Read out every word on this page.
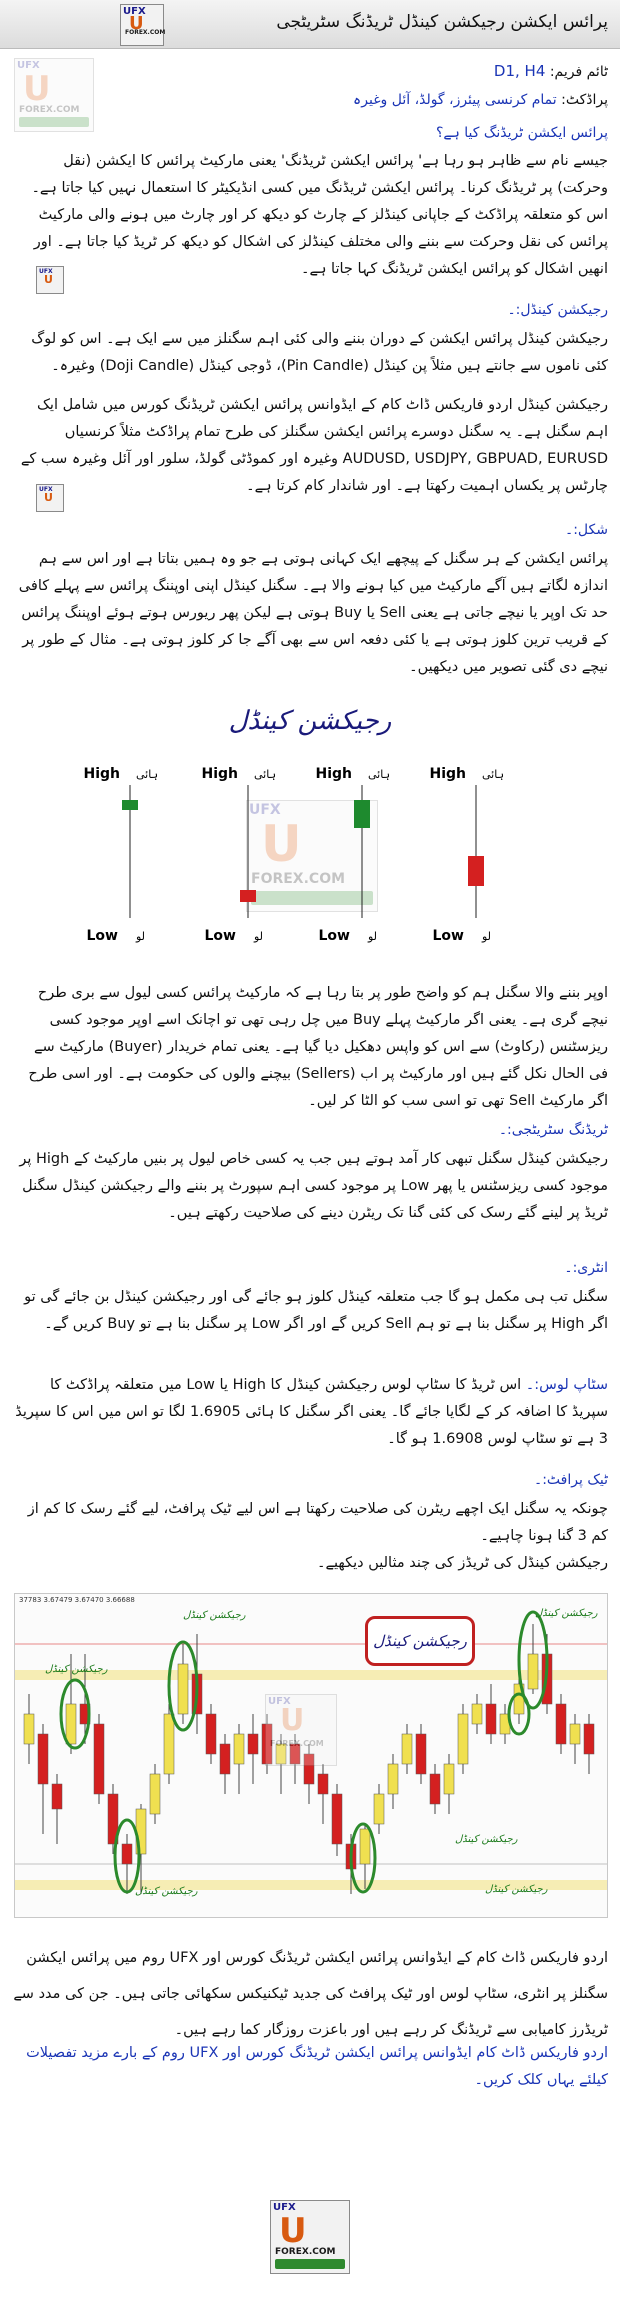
UFX
U
FOREX.COM
پرائس ایکشن رجیکشن کینڈل ٹریڈنگ سٹریٹجی
UFX
U
FOREX.COM
ٹائم فریم: D1, H4
پراڈکٹ: تمام کرنسی پیئرز، گولڈ، آئل وغیرہ
پرائس ایکشن ٹریڈنگ کیا ہے؟
جیسے نام سے ظاہر ہو رہا ہے' پرائس ایکشن ٹریڈنگ' یعنی مارکیٹ پرائس کا ایکشن (نقل وحرکت) پر ٹریڈنگ کرنا۔ پرائس ایکشن ٹریڈنگ میں کسی انڈیکیٹر کا استعمال نہیں کیا جاتا ہے۔ اس کو متعلقہ پراڈکٹ کے جاپانی کینڈلز کے چارٹ کو دیکھ کر اور چارٹ میں ہونے والی مارکیٹ پرائس کی نقل وحرکت سے بننے والی مختلف کینڈلز کی اشکال کو دیکھ کر ٹریڈ کیا جاتا ہے۔ اور انھیں اشکال کو پرائس ایکشن ٹریڈنگ کہا جاتا ہے۔
UFX
U
رجیکشن کینڈل:۔
رجیکشن کینڈل پرائس ایکشن کے دوران بننے والی کئی اہم سگنلز میں سے ایک ہے۔ اس کو لوگ کئی ناموں سے جانتے ہیں مثلاً پن کینڈل (Pin Candle)، ڈوجی کینڈل (Doji Candle) وغیرہ۔
رجیکشن کینڈل اردو فاریکس ڈاٹ کام کے ایڈوانس پرائس ایکشن ٹریڈنگ کورس میں شامل ایک اہم سگنل ہے۔ یہ سگنل دوسرے پرائس ایکشن سگنلز کی طرح تمام پراڈکٹ مثلاً کرنسیاں AUDUSD, USDJPY, GBPUAD, EURUSD وغیرہ اور کموڈٹی گولڈ، سلور اور آئل وغیرہ سب کے چارٹس پر یکساں اہمیت رکھتا ہے۔ اور شاندار کام کرتا ہے۔
UFX
U
شکل:۔
پرائس ایکشن کے ہر سگنل کے پیچھے ایک کہانی ہوتی ہے جو وہ ہمیں بتاتا ہے اور اس سے ہم اندازہ لگاتے ہیں آگے مارکیٹ میں کیا ہونے والا ہے۔ سگنل کینڈل اپنی اوپننگ پرائس سے پہلے کافی حد تک اوپر یا نیچے جاتی ہے یعنی Sell یا Buy ہوتی ہے لیکن پھر ریورس ہوتے ہوئے اوپننگ پرائس کے قریب ترین کلوز ہوتی ہے یا کئی دفعہ اس سے بھی آگے جا کر کلوز ہوتی ہے۔ مثال کے طور پر نیچے دی گئی تصویر میں دیکھیں۔
رجیکشن کینڈل
UFX
U
FOREX.COM
High ہائی
Low لو
High ہائی
Low لو
High ہائی
Low لو
High ہائی
Low لو
اوپر بننے والا سگنل ہم کو واضح طور پر بتا رہا ہے کہ مارکیٹ پرائس کسی لیول سے بری طرح نیچے گری ہے۔ یعنی اگر مارکیٹ پہلے Buy میں چل رہی تھی تو اچانک اسے اوپر موجود کسی ریزسٹنس (رکاوٹ) سے اس کو واپس دھکیل دیا گیا ہے۔ یعنی تمام خریدار (Buyer) مارکیٹ سے فی الحال نکل گئے ہیں اور مارکیٹ پر اب (Sellers) بیچنے والوں کی حکومت ہے۔ اور اسی طرح اگر مارکیٹ Sell تھی تو اسی سب کو الٹا کر لیں۔
ٹریڈنگ سٹریٹجی:۔
رجیکشن کینڈل سگنل تبھی کار آمد ہوتے ہیں جب یہ کسی خاص لیول پر بنیں مارکیٹ کے High پر موجود کسی ریزسٹنس یا پھر Low پر موجود کسی اہم سپورٹ پر بننے والے رجیکشن کینڈل سگنل ٹریڈ پر لینے گئے رسک کی کئی گنا تک ریٹرن دینے کی صلاحیت رکھتے ہیں۔
انٹری:۔
سگنل تب ہی مکمل ہو گا جب متعلقہ کینڈل کلوز ہو جائے گی اور رجیکشن کینڈل بن جائے گی تو اگر High پر سگنل بنا ہے تو ہم Sell کریں گے اور اگر Low پر سگنل بنا ہے تو Buy کریں گے۔
سٹاپ لوس:۔ اس ٹریڈ کا سٹاپ لوس رجیکشن کینڈل کا High یا Low میں متعلقہ پراڈکٹ کا سپریڈ کا اضافہ کر کے لگایا جائے گا۔ یعنی اگر سگنل کا ہائی 1.6905 لگا تو اس میں اس کا سپریڈ 3 ہے تو سٹاپ لوس 1.6908 ہو گا۔
ٹیک پرافٹ:۔
چونکہ یہ سگنل ایک اچھے ریٹرن کی صلاحیت رکھتا ہے اس لیے ٹیک پرافٹ، لیے گئے رسک کا کم از کم 3 گنا ہونا چاہیے۔
رجیکشن کینڈل کی ٹریڈز کی چند مثالیں دیکھیے۔
37783 3.67479 3.67470 3.66688
رجیکشن کینڈل
UFX
U
FOREX.COM
رجیکشن کینڈل
رجیکشن کینڈل
رجیکشن کینڈل
رجیکشن کینڈل
رجیکشن کینڈل
رجیکشن کینڈل
اردو فاریکس ڈاٹ کام کے ایڈوانس پرائس ایکشن ٹریڈنگ کورس اور UFX روم میں پرائس ایکشن سگنلز پر انٹری، سٹاپ لوس اور ٹیک پرافٹ کی جدید ٹیکنیکس سکھائی جاتی ہیں۔ جن کی مدد سے ٹریڈرز کامیابی سے ٹریڈنگ کر رہے ہیں اور باعزت روزگار کما رہے ہیں۔
اردو فاریکس ڈاٹ کام ایڈوانس پرائس ایکشن ٹریڈنگ کورس اور UFX روم کے بارے مزید تفصیلات کیلئے یہاں کلک کریں۔
UFX
U
FOREX.COM
